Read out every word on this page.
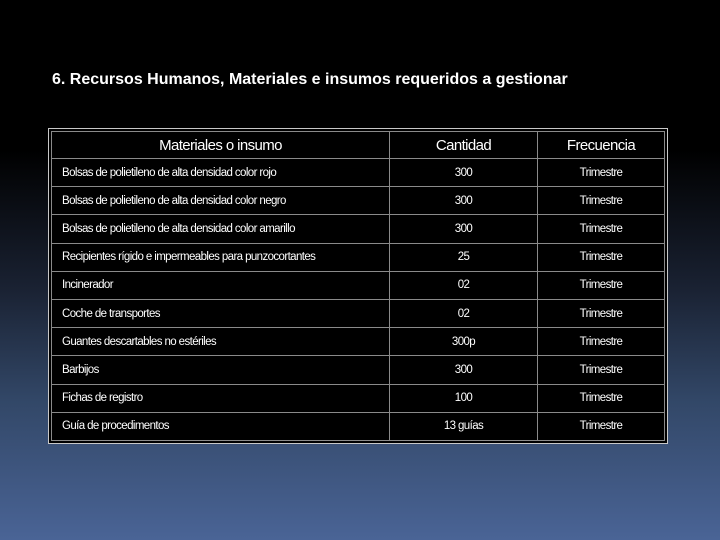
6. Recursos Humanos, Materiales e insumos requeridos a gestionar
Materiales o insumo	Cantidad	Frecuencia
Bolsas de polietileno de alta densidad color rojo	300	Trimestre
Bolsas de polietileno de alta densidad color negro	300	Trimestre
Bolsas de polietileno de alta densidad color amarillo	300	Trimestre
Recipientes rígido e impermeables para punzocortantes	25	Trimestre
Incinerador	02	Trimestre
Coche de transportes	02	Trimestre
Guantes descartables no estériles	300p	Trimestre
Barbijos	300	Trimestre
Fichas de registro	100	Trimestre
Guía de procedimentos	13 guías	Trimestre
